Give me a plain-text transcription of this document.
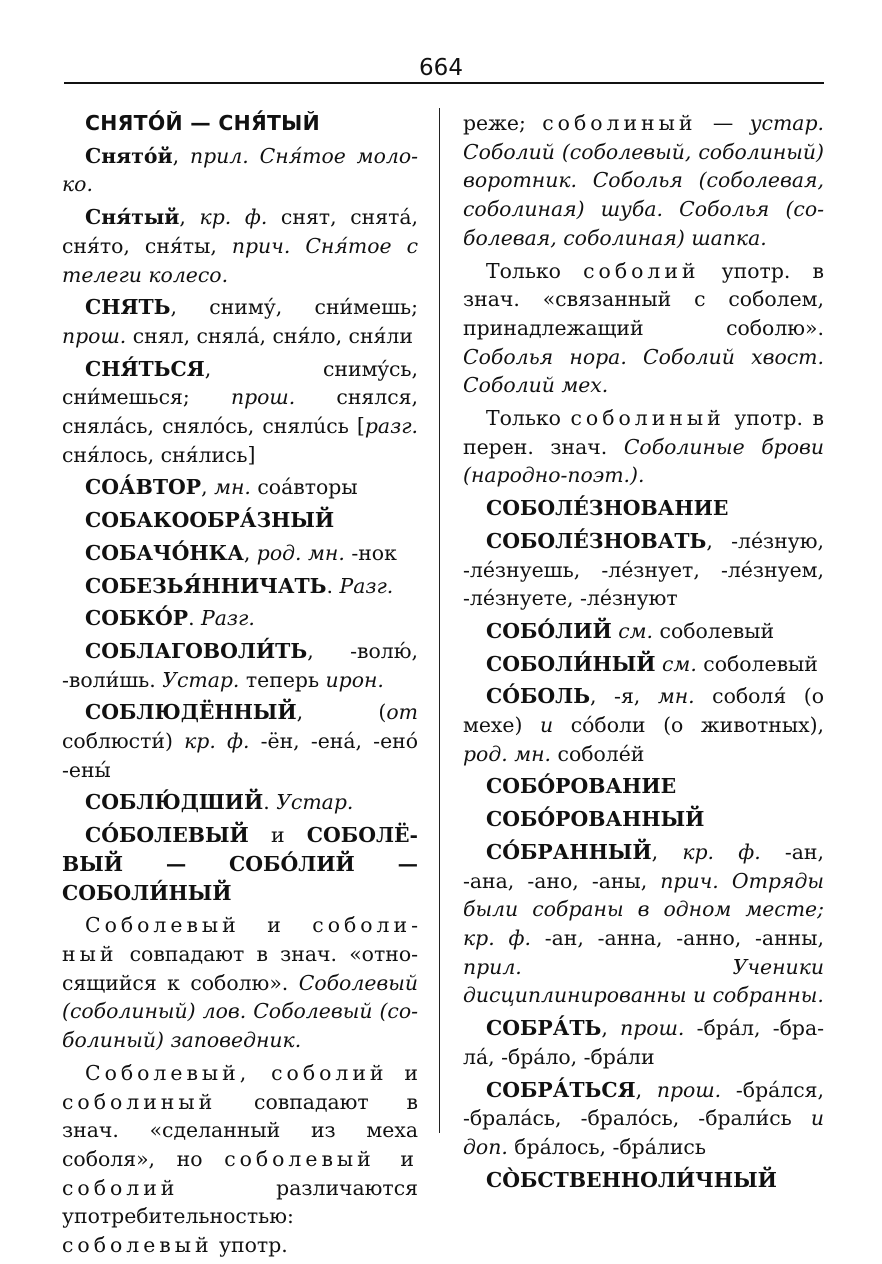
664

СНЯТО́Й — СНЯ́ТЫЙ

Снято́й, прил. Сня́тое молоко.

Сня́тый, кр. ф. снят, снята́, сня́то, сня́ты, прич. Сня́тое с телеги колесо.

СНЯТЬ, сниму́, сни́мешь; прош. снял, сняла́, сня́ло, сня́ли

СНЯ́ТЬСЯ, снимýсь, сни́мешься; прош. снялся, снялáсь, снялóсь, снялúсь [разг. сня́лось, сня́лись]

СОА́ВТОР, мн. соáвторы

СОБАКООБРА́ЗНЫЙ

СОБАЧО́НКА, род. мн. -нок

СОБЕЗЬЯ́ННИЧАТЬ. Разг.

СОБКО́Р. Разг.

СОБЛАГОВОЛИ́ТЬ, -волю́, -воли́шь. Устар. теперь ирон.

СОБЛЮДЁННЫЙ, (от соблюсти́) кр. ф. -ён, -ена́, -ено́ -ены́

СОБЛЮ́ДШИЙ. Устар.

СО́БОЛЕВЫЙ и СОБОЛЁВЫЙ — СОБО́ЛИЙ — СОБОЛИ́НЫЙ

Соболевый и соболиный совпадают в знач. «относящийся к соболю». Соболевый (соболиный) лов. Соболевый (соболиный) заповедник.

Соболевый, соболий и соболиный совпадают в знач. «сделанный из меха соболя», но соболевый и соболий различаются употребительностью: соболевый употр.

реже; соболиный — устар. Соболий (соболевый, соболиный) воротник. Соболья (соболевая, соболиная) шуба. Соболья (соболевая, соболиная) шапка.

Только соболий употр. в знач. «связанный с соболем, принадлежащий соболю». Соболья нора. Соболий хвост. Соболий мех.

Только соболиный употр. в перен. знач. Соболиные брови (народно-поэт.).

СОБОЛЕ́ЗНОВАНИЕ

СОБОЛЕ́ЗНОВАТЬ, -ле́зную, -ле́знуешь, -ле́знует, -ле́знуем, -ле́знуете, -ле́знуют

СОБО́ЛИЙ см. соболевый

СОБОЛИ́НЫЙ см. соболевый

СО́БОЛЬ, -я, мн. соболя́ (о мехе) и со́боли (о животных), род. мн. соболе́й

СОБО́РОВАНИЕ

СОБО́РОВАННЫЙ

СО́БРАННЫЙ, кр. ф. -ан, -ана, -ано, -аны, прич. Отряды были собраны в одном месте; кр. ф. -ан, -анна, -анно, -анны, прил. Ученики дисциплинированны и собранны.

СОБРА́ТЬ, прош. -бра́л, -брала́, -бра́ло, -бра́ли

СОБРА́ТЬСЯ, прош. -бра́лся, -брала́сь, -брало́сь, -брали́сь и доп. бра́лось, -бра́лись

СО̀БСТВЕННОЛИ́ЧНЫЙ
